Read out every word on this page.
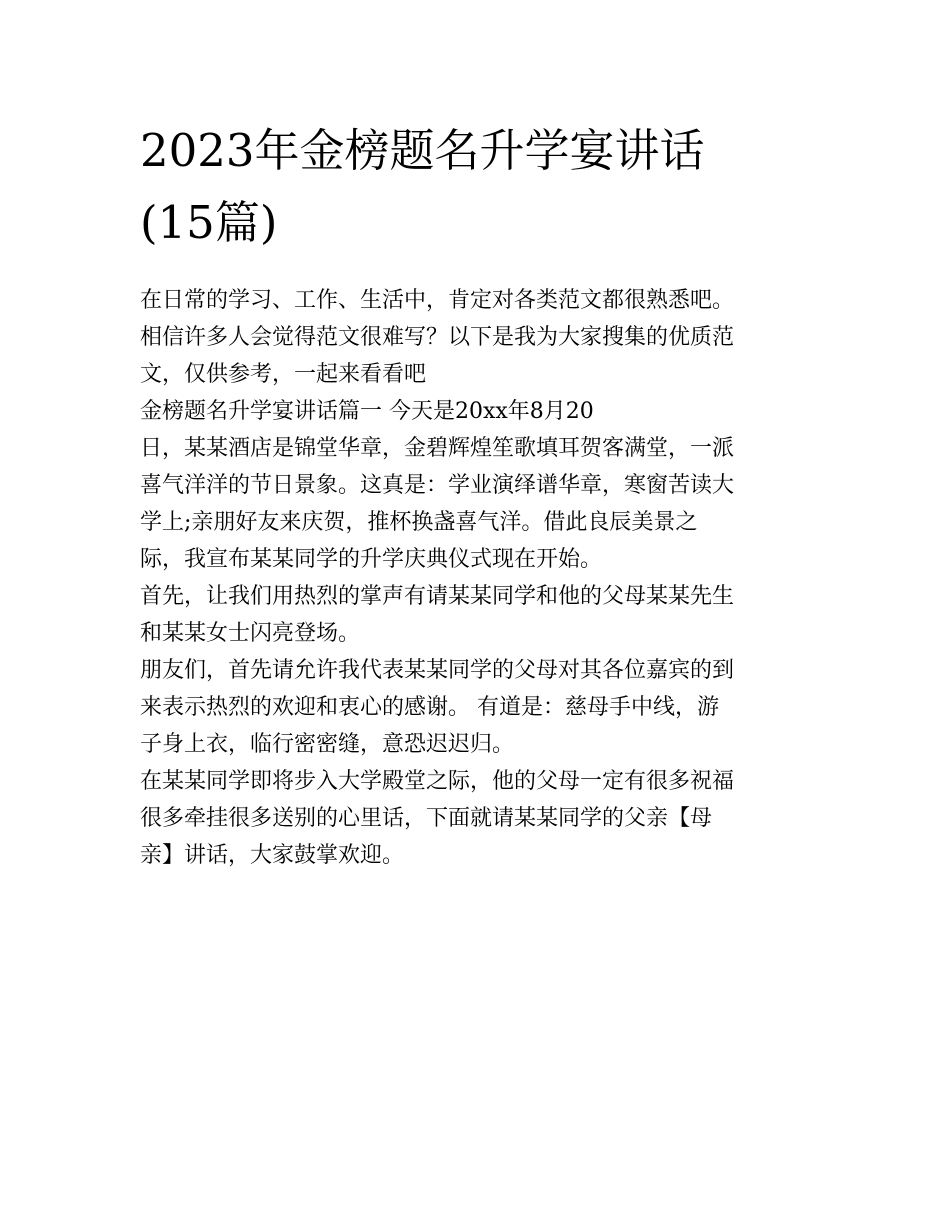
2023年金榜题名升学宴讲话
(15篇)

在日常的学习、工作、生活中，肯定对各类范文都很熟悉吧。

相信许多人会觉得范文很难写？以下是我为大家搜集的优质范

文，仅供参考，一起来看看吧

金榜题名升学宴讲话篇一 今天是20xx年8月20

日，某某酒店是锦堂华章，金碧辉煌笙歌填耳贺客满堂，一派

喜气洋洋的节日景象。这真是：学业演绎谱华章，寒窗苦读大

学上;亲朋好友来庆贺，推杯换盏喜气洋。借此良辰美景之

际，我宣布某某同学的升学庆典仪式现在开始。

首先，让我们用热烈的掌声有请某某同学和他的父母某某先生

和某某女士闪亮登场。

朋友们，首先请允许我代表某某同学的父母对其各位嘉宾的到

来表示热烈的欢迎和衷心的感谢。 有道是：慈母手中线，游

子身上衣，临行密密缝，意恐迟迟归。

在某某同学即将步入大学殿堂之际，他的父母一定有很多祝福

很多牵挂很多送别的心里话，下面就请某某同学的父亲【母

亲】讲话，大家鼓掌欢迎。
